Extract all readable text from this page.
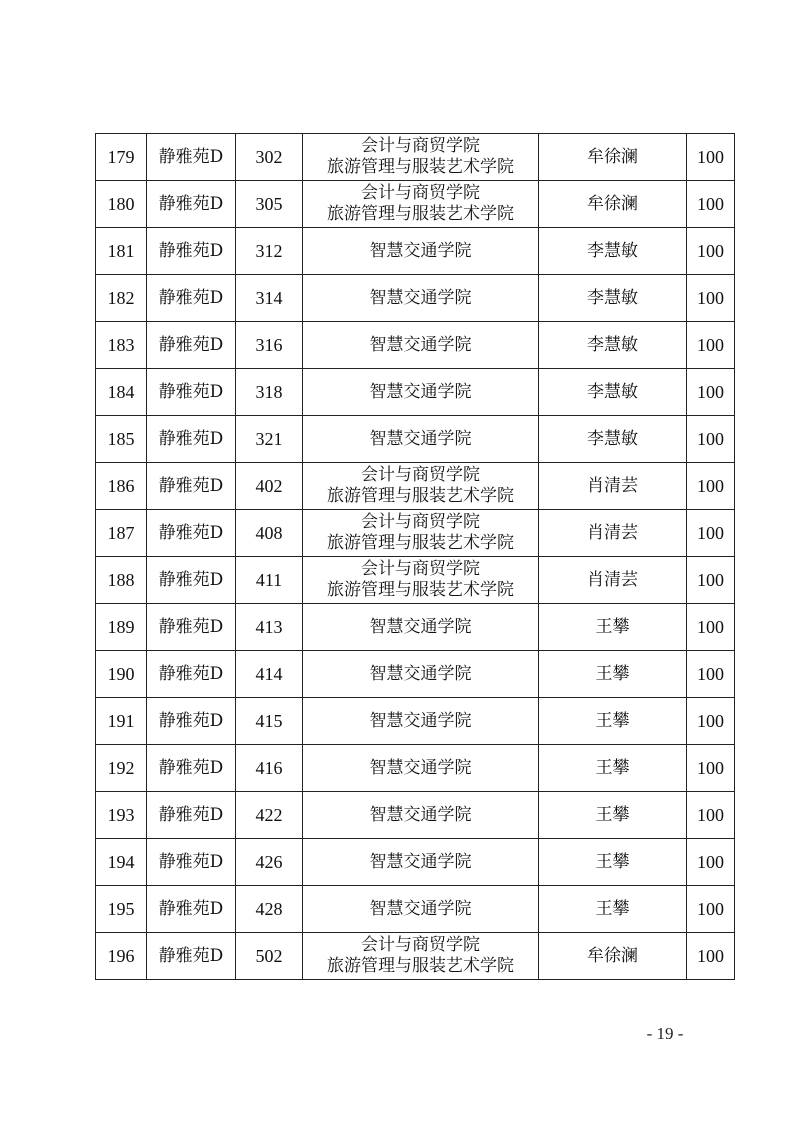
179	静雅苑D	302	会计与商贸学院
旅游管理与服装艺术学院	牟徐澜	100
180	静雅苑D	305	会计与商贸学院
旅游管理与服装艺术学院	牟徐澜	100
181	静雅苑D	312	智慧交通学院	李慧敏	100
182	静雅苑D	314	智慧交通学院	李慧敏	100
183	静雅苑D	316	智慧交通学院	李慧敏	100
184	静雅苑D	318	智慧交通学院	李慧敏	100
185	静雅苑D	321	智慧交通学院	李慧敏	100
186	静雅苑D	402	会计与商贸学院
旅游管理与服装艺术学院	肖清芸	100
187	静雅苑D	408	会计与商贸学院
旅游管理与服装艺术学院	肖清芸	100
188	静雅苑D	411	会计与商贸学院
旅游管理与服装艺术学院	肖清芸	100
189	静雅苑D	413	智慧交通学院	王攀	100
190	静雅苑D	414	智慧交通学院	王攀	100
191	静雅苑D	415	智慧交通学院	王攀	100
192	静雅苑D	416	智慧交通学院	王攀	100
193	静雅苑D	422	智慧交通学院	王攀	100
194	静雅苑D	426	智慧交通学院	王攀	100
195	静雅苑D	428	智慧交通学院	王攀	100
196	静雅苑D	502	会计与商贸学院
旅游管理与服装艺术学院	牟徐澜	100
- 19 -
